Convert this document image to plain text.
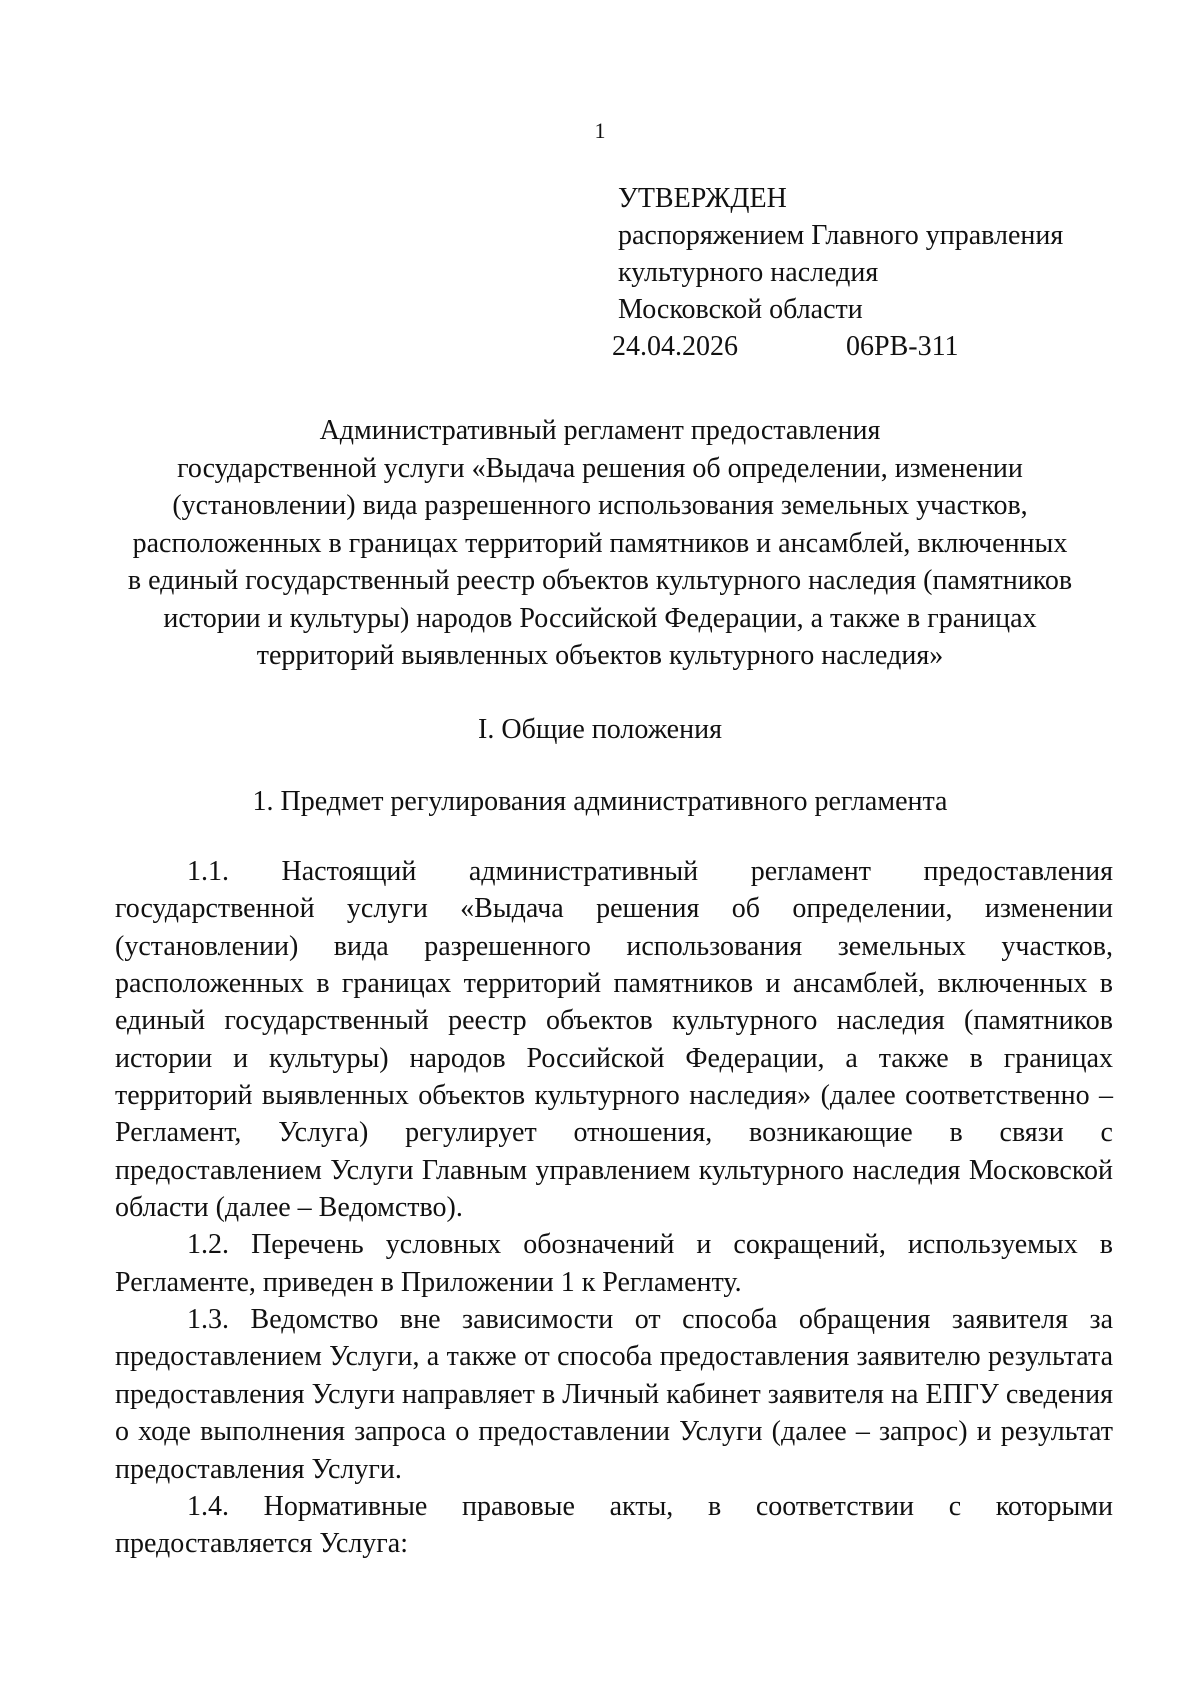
1
УТВЕРЖДЕН
распоряжением Главного управления
культурного наследия
Московской области
24.04.2026	06РВ-311
Административный регламент предоставления
государственной услуги «Выдача решения об определении, изменении
(установлении) вида разрешенного использования земельных участков,
расположенных в границах территорий памятников и ансамблей, включенных
в единый государственный реестр объектов культурного наследия (памятников
истории и культуры) народов Российской Федерации, а также в границах
территорий выявленных объектов культурного наследия»
I. Общие положения
1. Предмет регулирования административного регламента

1.1. Настоящий административный регламент предоставления государственной услуги «Выдача решения об определении, изменении (установлении) вида разрешенного использования земельных участков, расположенных в границах территорий памятников и ансамблей, включенных в единый государственный реестр объектов культурного наследия (памятников истории и культуры) народов Российской Федерации, а также в границах территорий выявленных объектов культурного наследия» (далее соответственно – Регламент, Услуга) регулирует отношения, возникающие в связи с предоставлением Услуги Главным управлением культурного наследия Московской области (далее – Ведомство).

1.2. Перечень условных обозначений и сокращений, используемых в Регламенте, приведен в Приложении 1 к Регламенту.

1.3. Ведомство вне зависимости от способа обращения заявителя за предоставлением Услуги, а также от способа предоставления заявителю результата предоставления Услуги направляет в Личный кабинет заявителя на ЕПГУ сведения о ходе выполнения запроса о предоставлении Услуги (далее – запрос) и результат предоставления Услуги.

1.4. Нормативные правовые акты, в соответствии с которыми предоставляется Услуга:
